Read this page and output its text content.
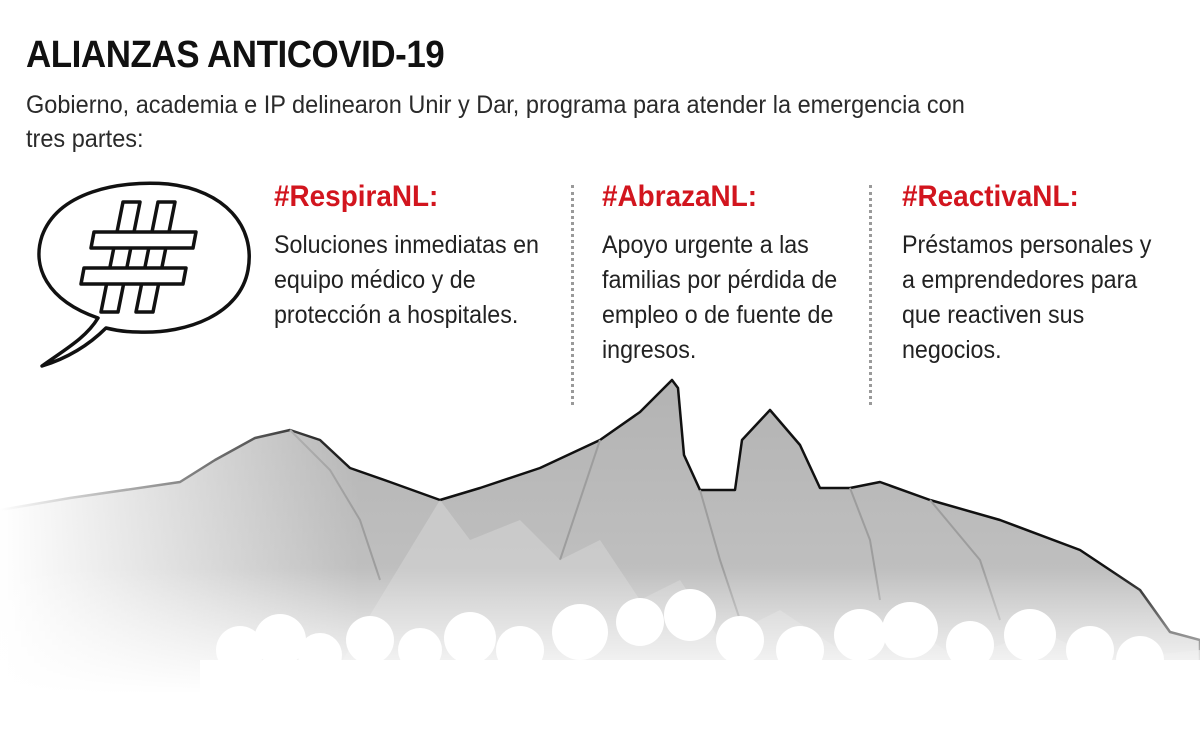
ALIANZAS ANTICOVID-19
Gobierno, academia e IP delinearon Unir y Dar, programa para atender la emergencia con tres partes:
#RespiraNL:
Soluciones inmediatas en equipo médico y de protección a hospitales.
#AbrazaNL:
Apoyo urgente a las familias por pérdida de empleo o de fuente de ingresos.
#ReactivaNL:
Préstamos personales y a emprendedores para que reactiven sus negocios.
